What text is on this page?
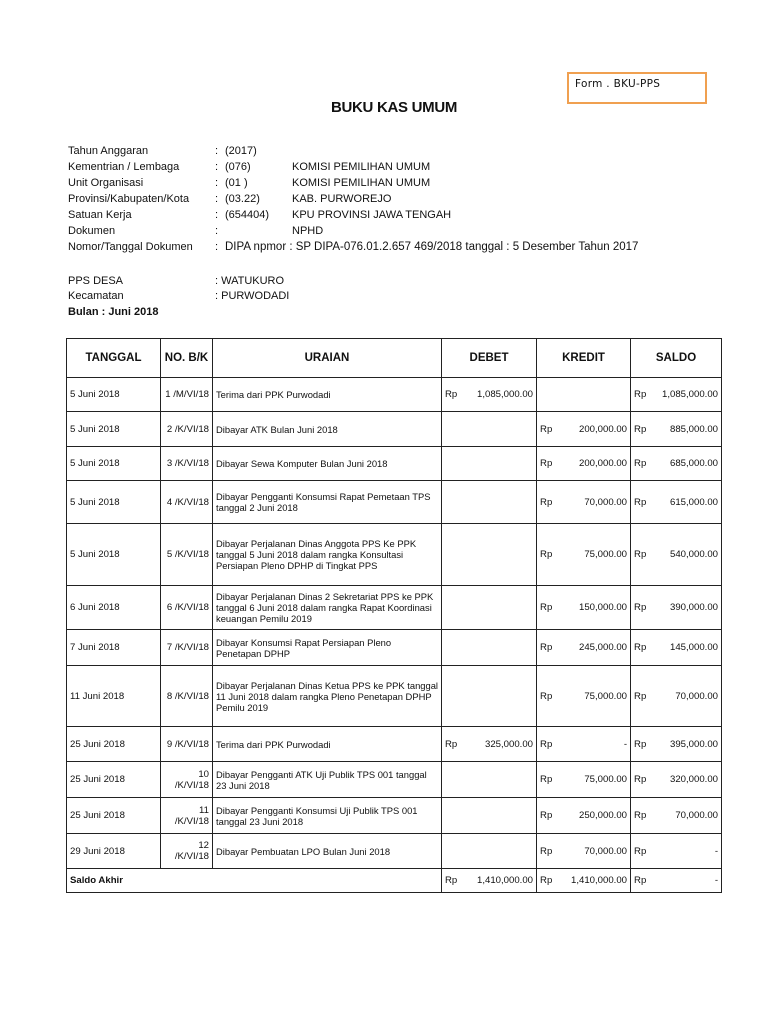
Form . BKU-PPS
BUKU KAS UMUM
Tahun Anggaran	: (2017)
Kementrian / Lembaga	: (076)	KOMISI PEMILIHAN UMUM
Unit Organisasi	: (01 )	KOMISI PEMILIHAN UMUM
Provinsi/Kabupaten/Kota : (03.22)	KAB. PURWOREJO
Satuan Kerja	: (654404) KPU PROVINSI JAWA TENGAH
Dokumen	:	NPHD
Nomor/Tanggal Dokumen : DIPA npmor : SP DIPA-076.01.2.657 469/2018 tanggal : 5 Desember Tahun 2017
PPS DESA	: WATUKURO
Kecamatan	: PURWODADI
Bulan : Juni 2018
TANGGAL	NO. B/K	URAIAN	DEBET		KREDIT		SALDO	
5 Juni 2018	1 /M/VI/18	Terima dari PPK Purwodadi	Rp	1,085,000.00			Rp	1,085,000.00
5 Juni 2018	2 /K/VI/18	Dibayar ATK Bulan Juni 2018			Rp	200,000.00	Rp	885,000.00
5 Juni 2018	3 /K/VI/18	Dibayar Sewa Komputer Bulan Juni 2018			Rp	200,000.00	Rp	685,000.00
5 Juni 2018	4 /K/VI/18	Dibayar Pengganti Konsumsi Rapat Pemetaan TPS tanggal 2 Juni 2018			Rp	70,000.00	Rp	615,000.00
5 Juni 2018	5 /K/VI/18	Dibayar Perjalanan Dinas Anggota PPS Ke PPK tanggal 5 Juni 2018 dalam rangka Konsultasi Persiapan Pleno DPHP di Tingkat PPS			Rp	75,000.00	Rp	540,000.00
6 Juni 2018	6 /K/VI/18	Dibayar Perjalanan Dinas 2 Sekretariat PPS ke PPK tanggal 6 Juni 2018 dalam rangka Rapat Koordinasi keuangan Pemilu 2019			Rp	150,000.00	Rp	390,000.00
7 Juni 2018	7 /K/VI/18	Dibayar Konsumsi Rapat Persiapan Pleno Penetapan DPHP			Rp	245,000.00	Rp	145,000.00
11 Juni 2018	8 /K/VI/18	Dibayar Perjalanan Dinas Ketua PPS ke PPK tanggal 11 Juni 2018 dalam rangka Pleno Penetapan DPHP Pemilu 2019			Rp	75,000.00	Rp	70,000.00
25 Juni 2018	9 /K/VI/18	Terima dari PPK Purwodadi	Rp	325,000.00	Rp	-	Rp	395,000.00
25 Juni 2018	10 /K/VI/18	Dibayar Pengganti ATK Uji Publik TPS 001 tanggal 23 Juni 2018			Rp	75,000.00	Rp	320,000.00
25 Juni 2018	11 /K/VI/18	Dibayar Pengganti Konsumsi Uji Publik TPS 001 tanggal 23 Juni 2018			Rp	250,000.00	Rp	70,000.00
29 Juni 2018	12 /K/VI/18	Dibayar Pembuatan LPO Bulan Juni 2018			Rp	70,000.00	Rp	-
Saldo Akhir			Rp	1,410,000.00	Rp	1,410,000.00	Rp	-
